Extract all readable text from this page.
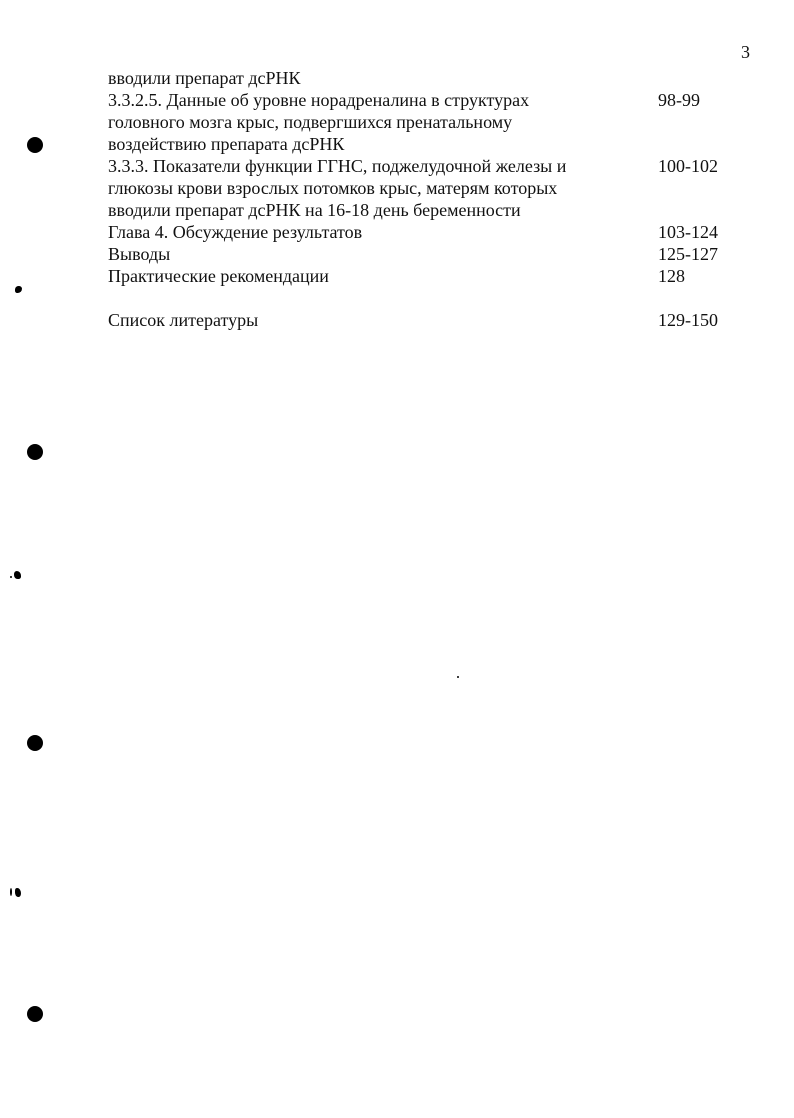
3
вводили препарат дсРНК
3.3.2.5. Данные об уровне норадреналина в структурах
головного мозга крыс, подвергшихся пренатальному
воздействию препарата дсРНК
98-99
3.3.3. Показатели функции ГГНС, поджелудочной железы и
глюкозы крови взрослых потомков крыс, матерям которых
вводили препарат дсРНК на 16-18 день беременности
100-102
Глава 4. Обсуждение результатов	103-124
Выводы	125-127
Практические рекомендации	128
Список литературы	129-150
